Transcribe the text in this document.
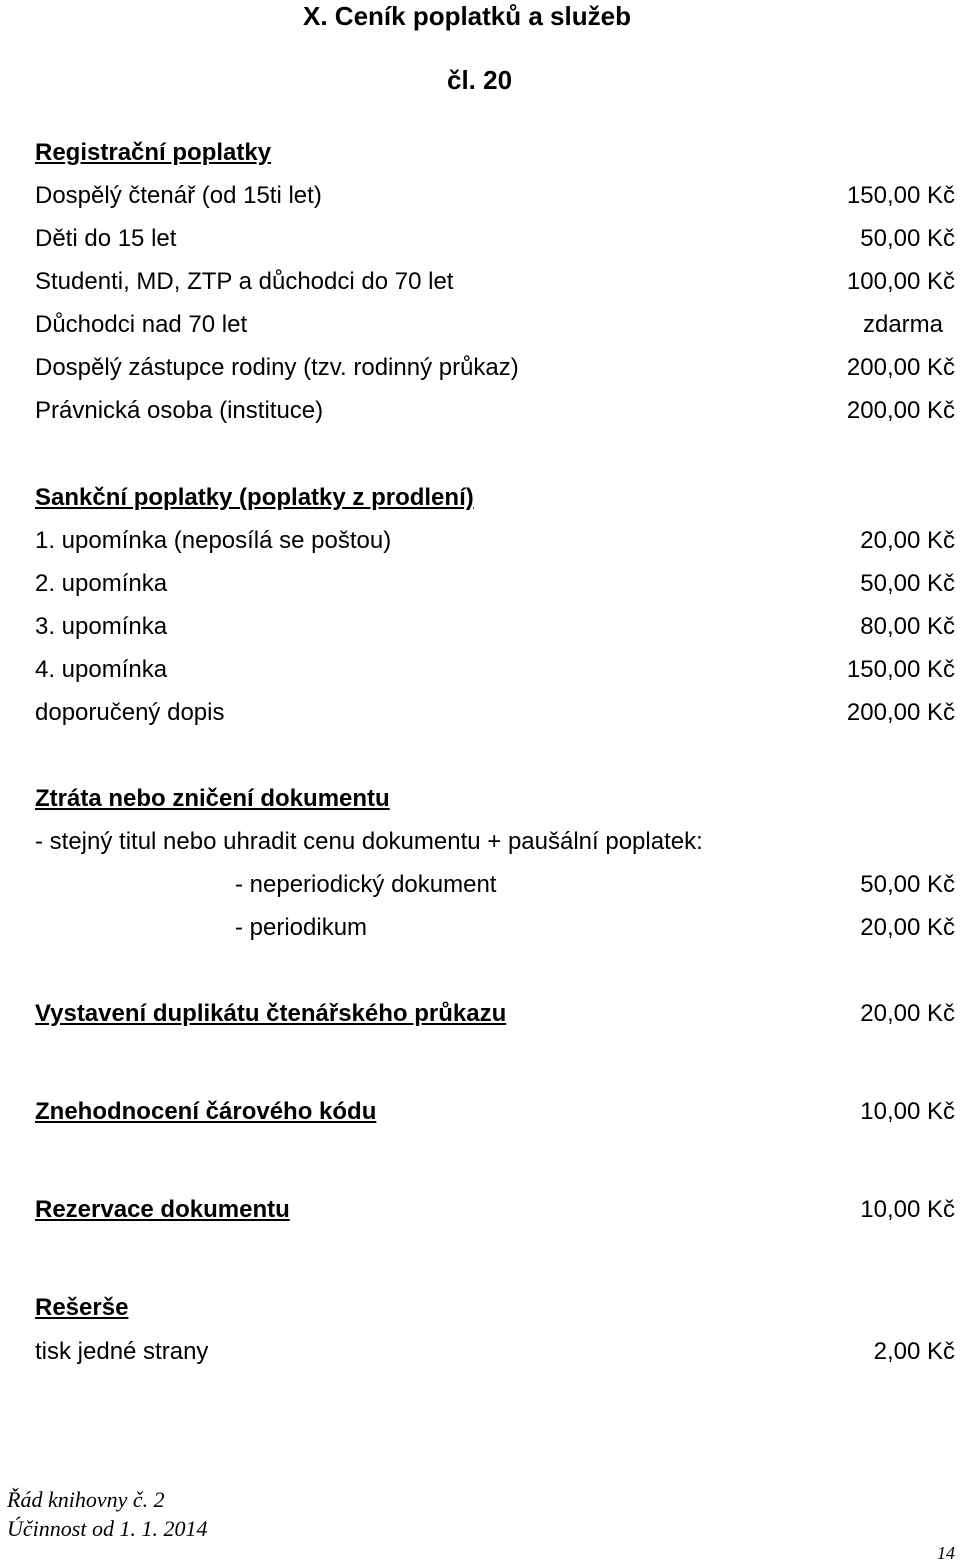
X. Ceník poplatků a služeb
čl. 20
Registrační poplatky
Dospělý čtenář (od 15ti let)	150,00 Kč
Děti do 15 let	50,00 Kč
Studenti, MD, ZTP a důchodci do 70 let	100,00 Kč
Důchodci nad 70 let	zdarma
Dospělý zástupce rodiny (tzv. rodinný průkaz)	200,00 Kč
Právnická osoba (instituce)	200,00 Kč
Sankční poplatky (poplatky z prodlení)
1. upomínka (neposílá se poštou)	20,00 Kč
2. upomínka	50,00 Kč
3. upomínka	80,00 Kč
4. upomínka	150,00 Kč
doporučený dopis	200,00 Kč
Ztráta nebo zničení dokumentu
- stejný titul nebo uhradit cenu dokumentu + paušální poplatek:
- neperiodický dokument	50,00 Kč
- periodikum	20,00 Kč
Vystavení duplikátu čtenářského průkazu	20,00 Kč
Znehodnocení čárového kódu	10,00 Kč
Rezervace dokumentu	10,00 Kč
Rešerše
tisk jedné strany	2,00 Kč
Řád knihovny č. 2
Účinnost od 1. 1. 2014
14
